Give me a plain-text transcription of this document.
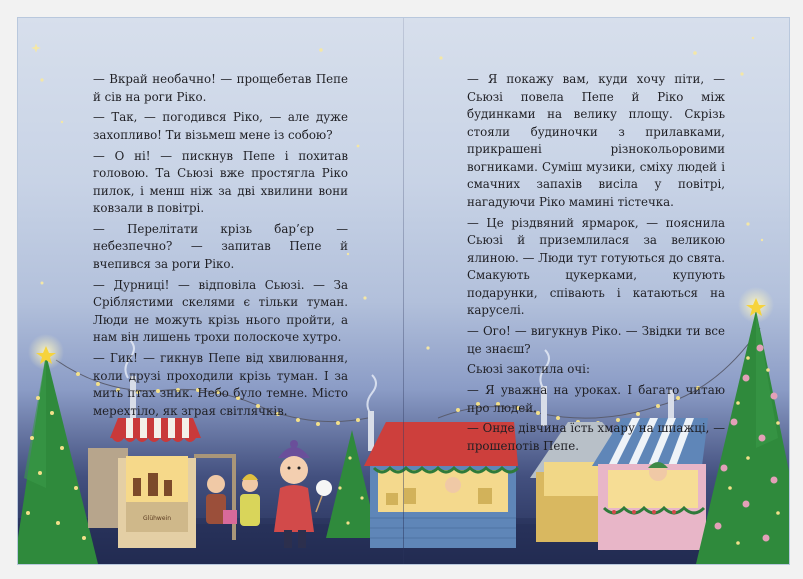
Glühwein

— Вкрай необачно! — прощебетав Пепе й сів на роги Ріко.

— Так, — погодився Ріко, — але дуже захопливо! Ти візьмеш мене із собою?

— О ні! — пискнув Пепе і похитав головою. Та Сьюзі вже простягла Ріко пилок, і менш ніж за дві хвилини вони ковзали в повітрі.

— Перелітати крізь бар’єр — небезпечно? — запитав Пепе й вчепився за роги Ріко.

— Дурниці! — відповіла Сьюзі. — За Сріблястими скелями є тільки туман. Люди не можуть крізь нього пройти, а нам він лишень трохи полоскоче хутро.

— Гик! — гикнув Пепе від хвилювання, коли друзі проходили крізь туман. І за мить птах зник. Небо було темне. Місто мерехтіло, як зграя світлячків.

— Я покажу вам, куди хочу піти, — Сьюзі повела Пепе й Ріко між будинками на велику площу. Скрізь стояли будиночки з прилавками, прикрашені різнокольоровими вогниками. Суміш музики, сміху людей і смачних запахів висіла у повітрі, нагадуючи Ріко мамині тістечка.

— Це різдвяний ярмарок, — пояснила Сьюзі й приземлилася за великою ялиною. — Люди тут готуються до свята. Смакують цукерками, купують подарунки, співають і катаються на каруселі.

— Ого! — вигукнув Ріко. — Звідки ти все це знаєш?

Сьюзі закотила очі:

— Я уважна на уроках. І багато читаю про людей.

— Онде дівчина їсть хмару на шпажці, — прошепотів Пепе.
